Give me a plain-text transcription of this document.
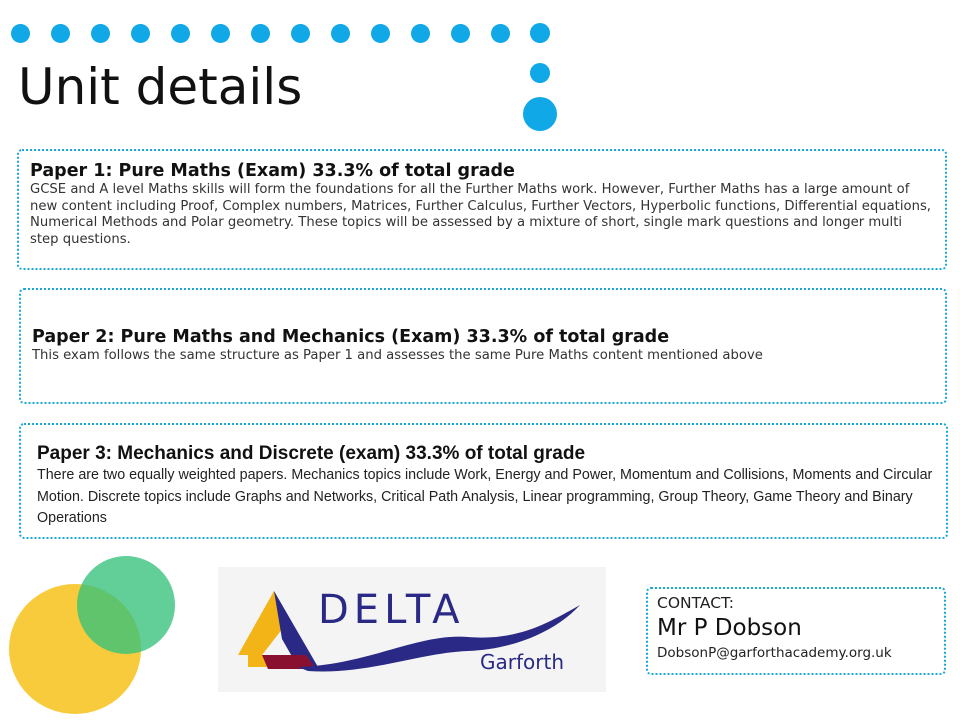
Unit details
Paper 1: Pure Maths (Exam) 33.3% of total grade
GCSE and A level Maths skills will form the foundations for all the Further Maths work. However, Further Maths has a large amount of new content including Proof, Complex numbers, Matrices, Further Calculus, Further Vectors, Hyperbolic functions, Differential equations, Numerical Methods and Polar geometry. These topics will be assessed by a mixture of short, single mark questions and longer multi step questions.
Paper 2: Pure Maths and Mechanics (Exam) 33.3% of total grade
This exam follows the same structure as Paper 1 and assesses the same Pure Maths content mentioned above
Paper 3: Mechanics and Discrete (exam) 33.3% of total grade
There are two equally weighted papers. Mechanics topics include Work, Energy and Power, Momentum and Collisions, Moments and Circular Motion. Discrete topics include Graphs and Networks, Critical Path Analysis, Linear programming, Group Theory, Game Theory and Binary Operations
DELTA
Garforth
CONTACT:
Mr P Dobson
DobsonP@garforthacademy.org.uk
